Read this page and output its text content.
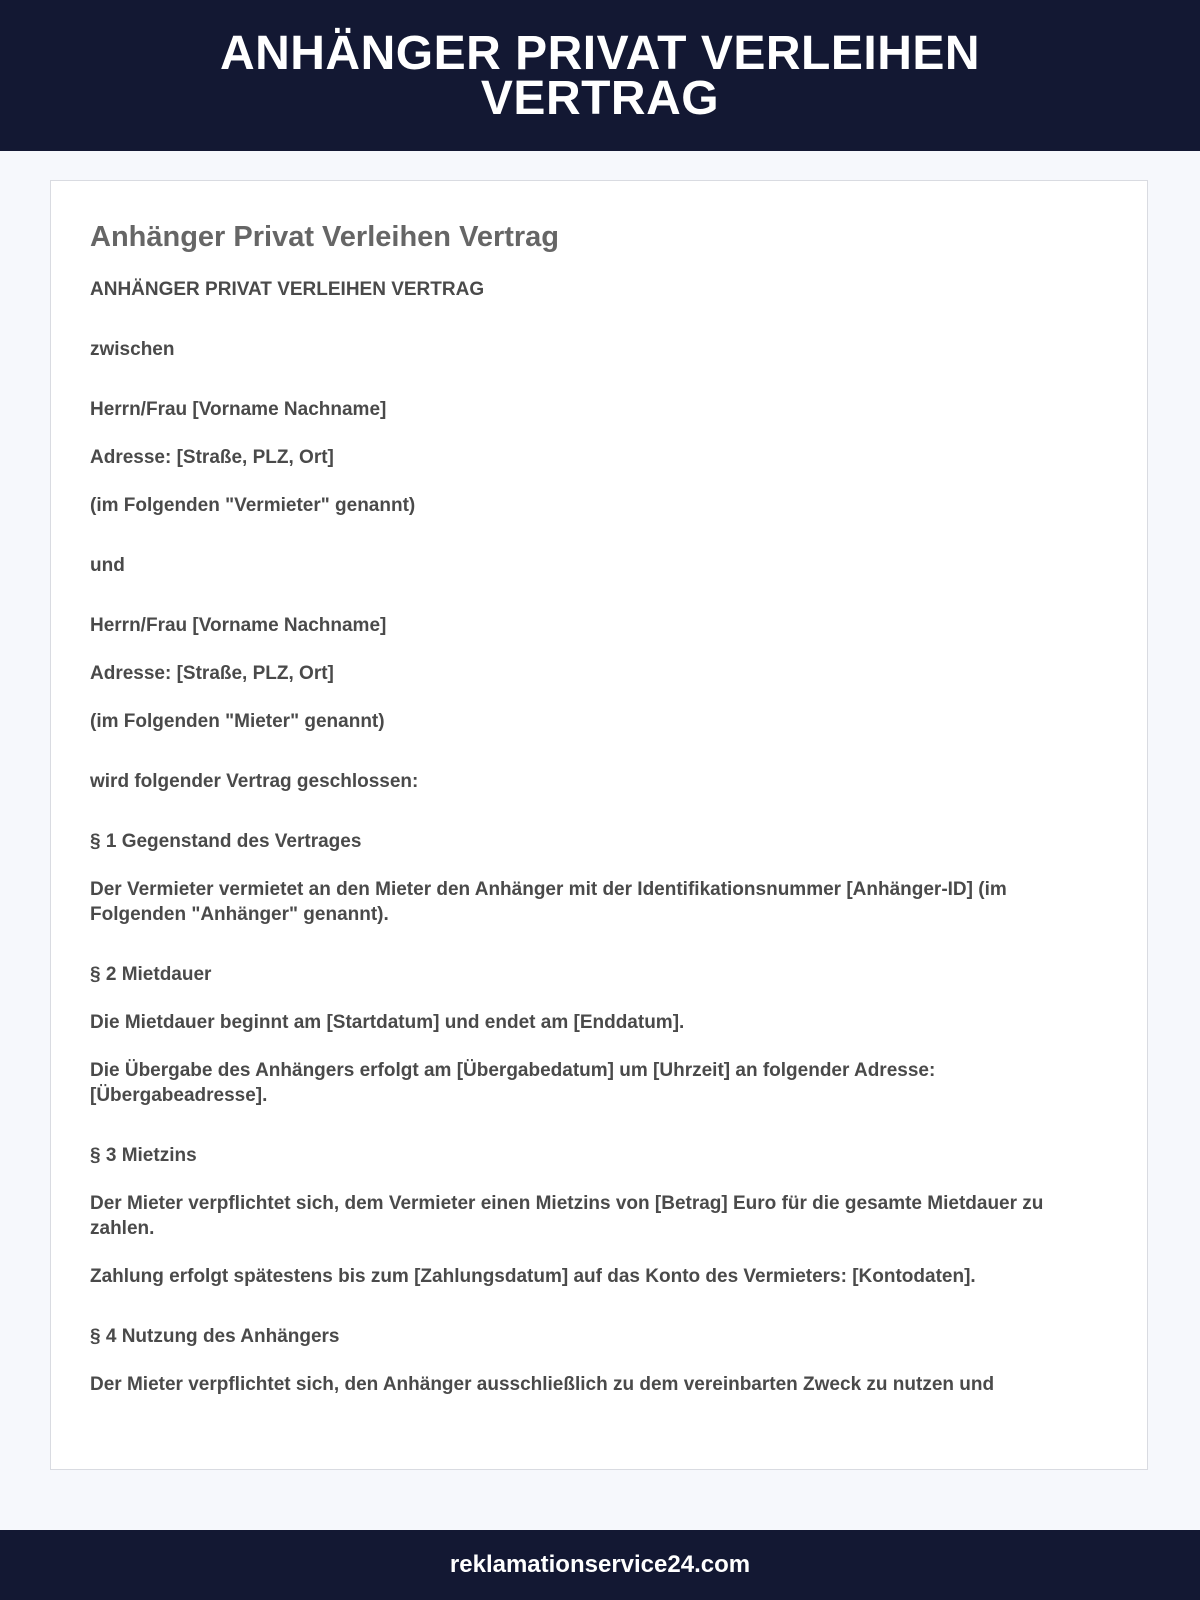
ANHÄNGER PRIVAT VERLEIHEN VERTRAG
Anhänger Privat Verleihen Vertrag

ANHÄNGER PRIVAT VERLEIHEN VERTRAG

zwischen

Herrn/Frau [Vorname Nachname]

Adresse: [Straße, PLZ, Ort]

(im Folgenden "Vermieter" genannt)

und

Herrn/Frau [Vorname Nachname]

Adresse: [Straße, PLZ, Ort]

(im Folgenden "Mieter" genannt)

wird folgender Vertrag geschlossen:

§ 1 Gegenstand des Vertrages

Der Vermieter vermietet an den Mieter den Anhänger mit der Identifikationsnummer [Anhänger-ID] (im Folgenden "Anhänger" genannt).

§ 2 Mietdauer

Die Mietdauer beginnt am [Startdatum] und endet am [Enddatum].

Die Übergabe des Anhängers erfolgt am [Übergabedatum] um [Uhrzeit] an folgender Adresse: [Übergabeadresse].

§ 3 Mietzins

Der Mieter verpflichtet sich, dem Vermieter einen Mietzins von [Betrag] Euro für die gesamte Mietdauer zu zahlen.

Zahlung erfolgt spätestens bis zum [Zahlungsdatum] auf das Konto des Vermieters: [Kontodaten].

§ 4 Nutzung des Anhängers

Der Mieter verpflichtet sich, den Anhänger ausschließlich zu dem vereinbarten Zweck zu nutzen und

reklamationservice24.com
